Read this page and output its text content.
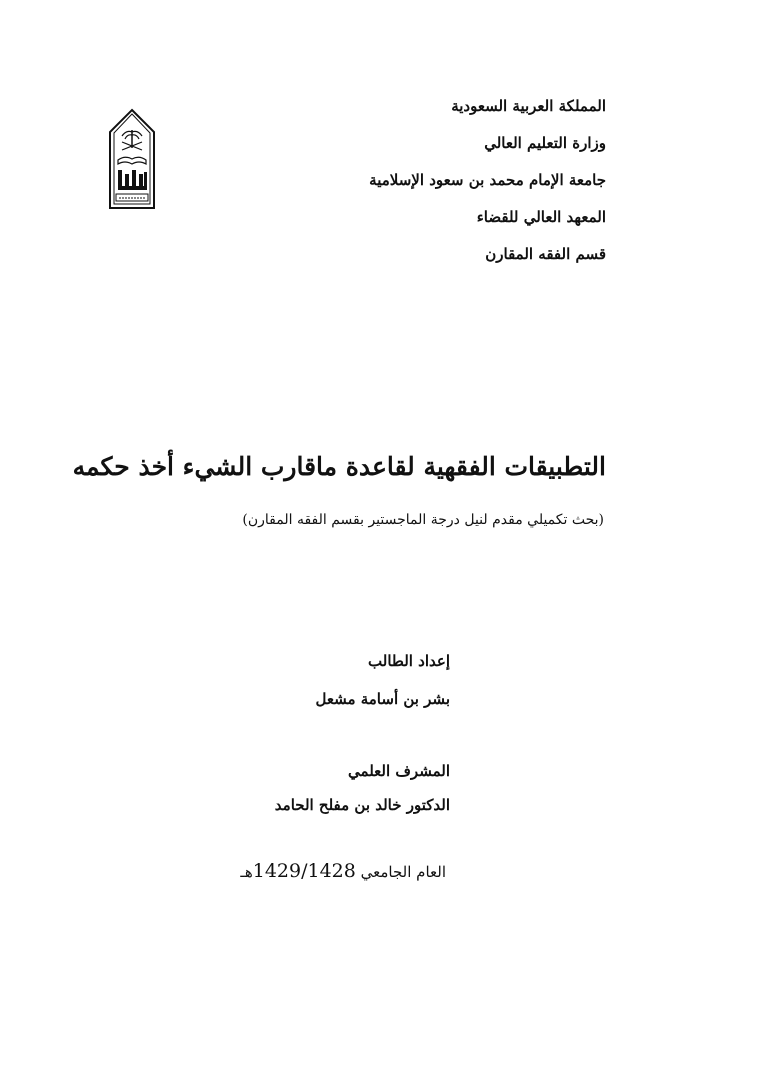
المملكة العربية السعودية
وزارة التعليم العالي
جامعة الإمام محمد بن سعود الإسلامية
المعهد العالي للقضاء
قسم الفقه المقارن
التطبيقات الفقهية لقاعدة ماقارب الشيء أخذ حكمه
(بحث تكميلي مقدم لنيل درجة الماجستير بقسم الفقه المقارن)
إعداد الطالب
بشر بن أسامة مشعل
المشرف العلمي
الدكتور خالد بن مفلح الحامد
العام الجامعي 1429/1428هـ
